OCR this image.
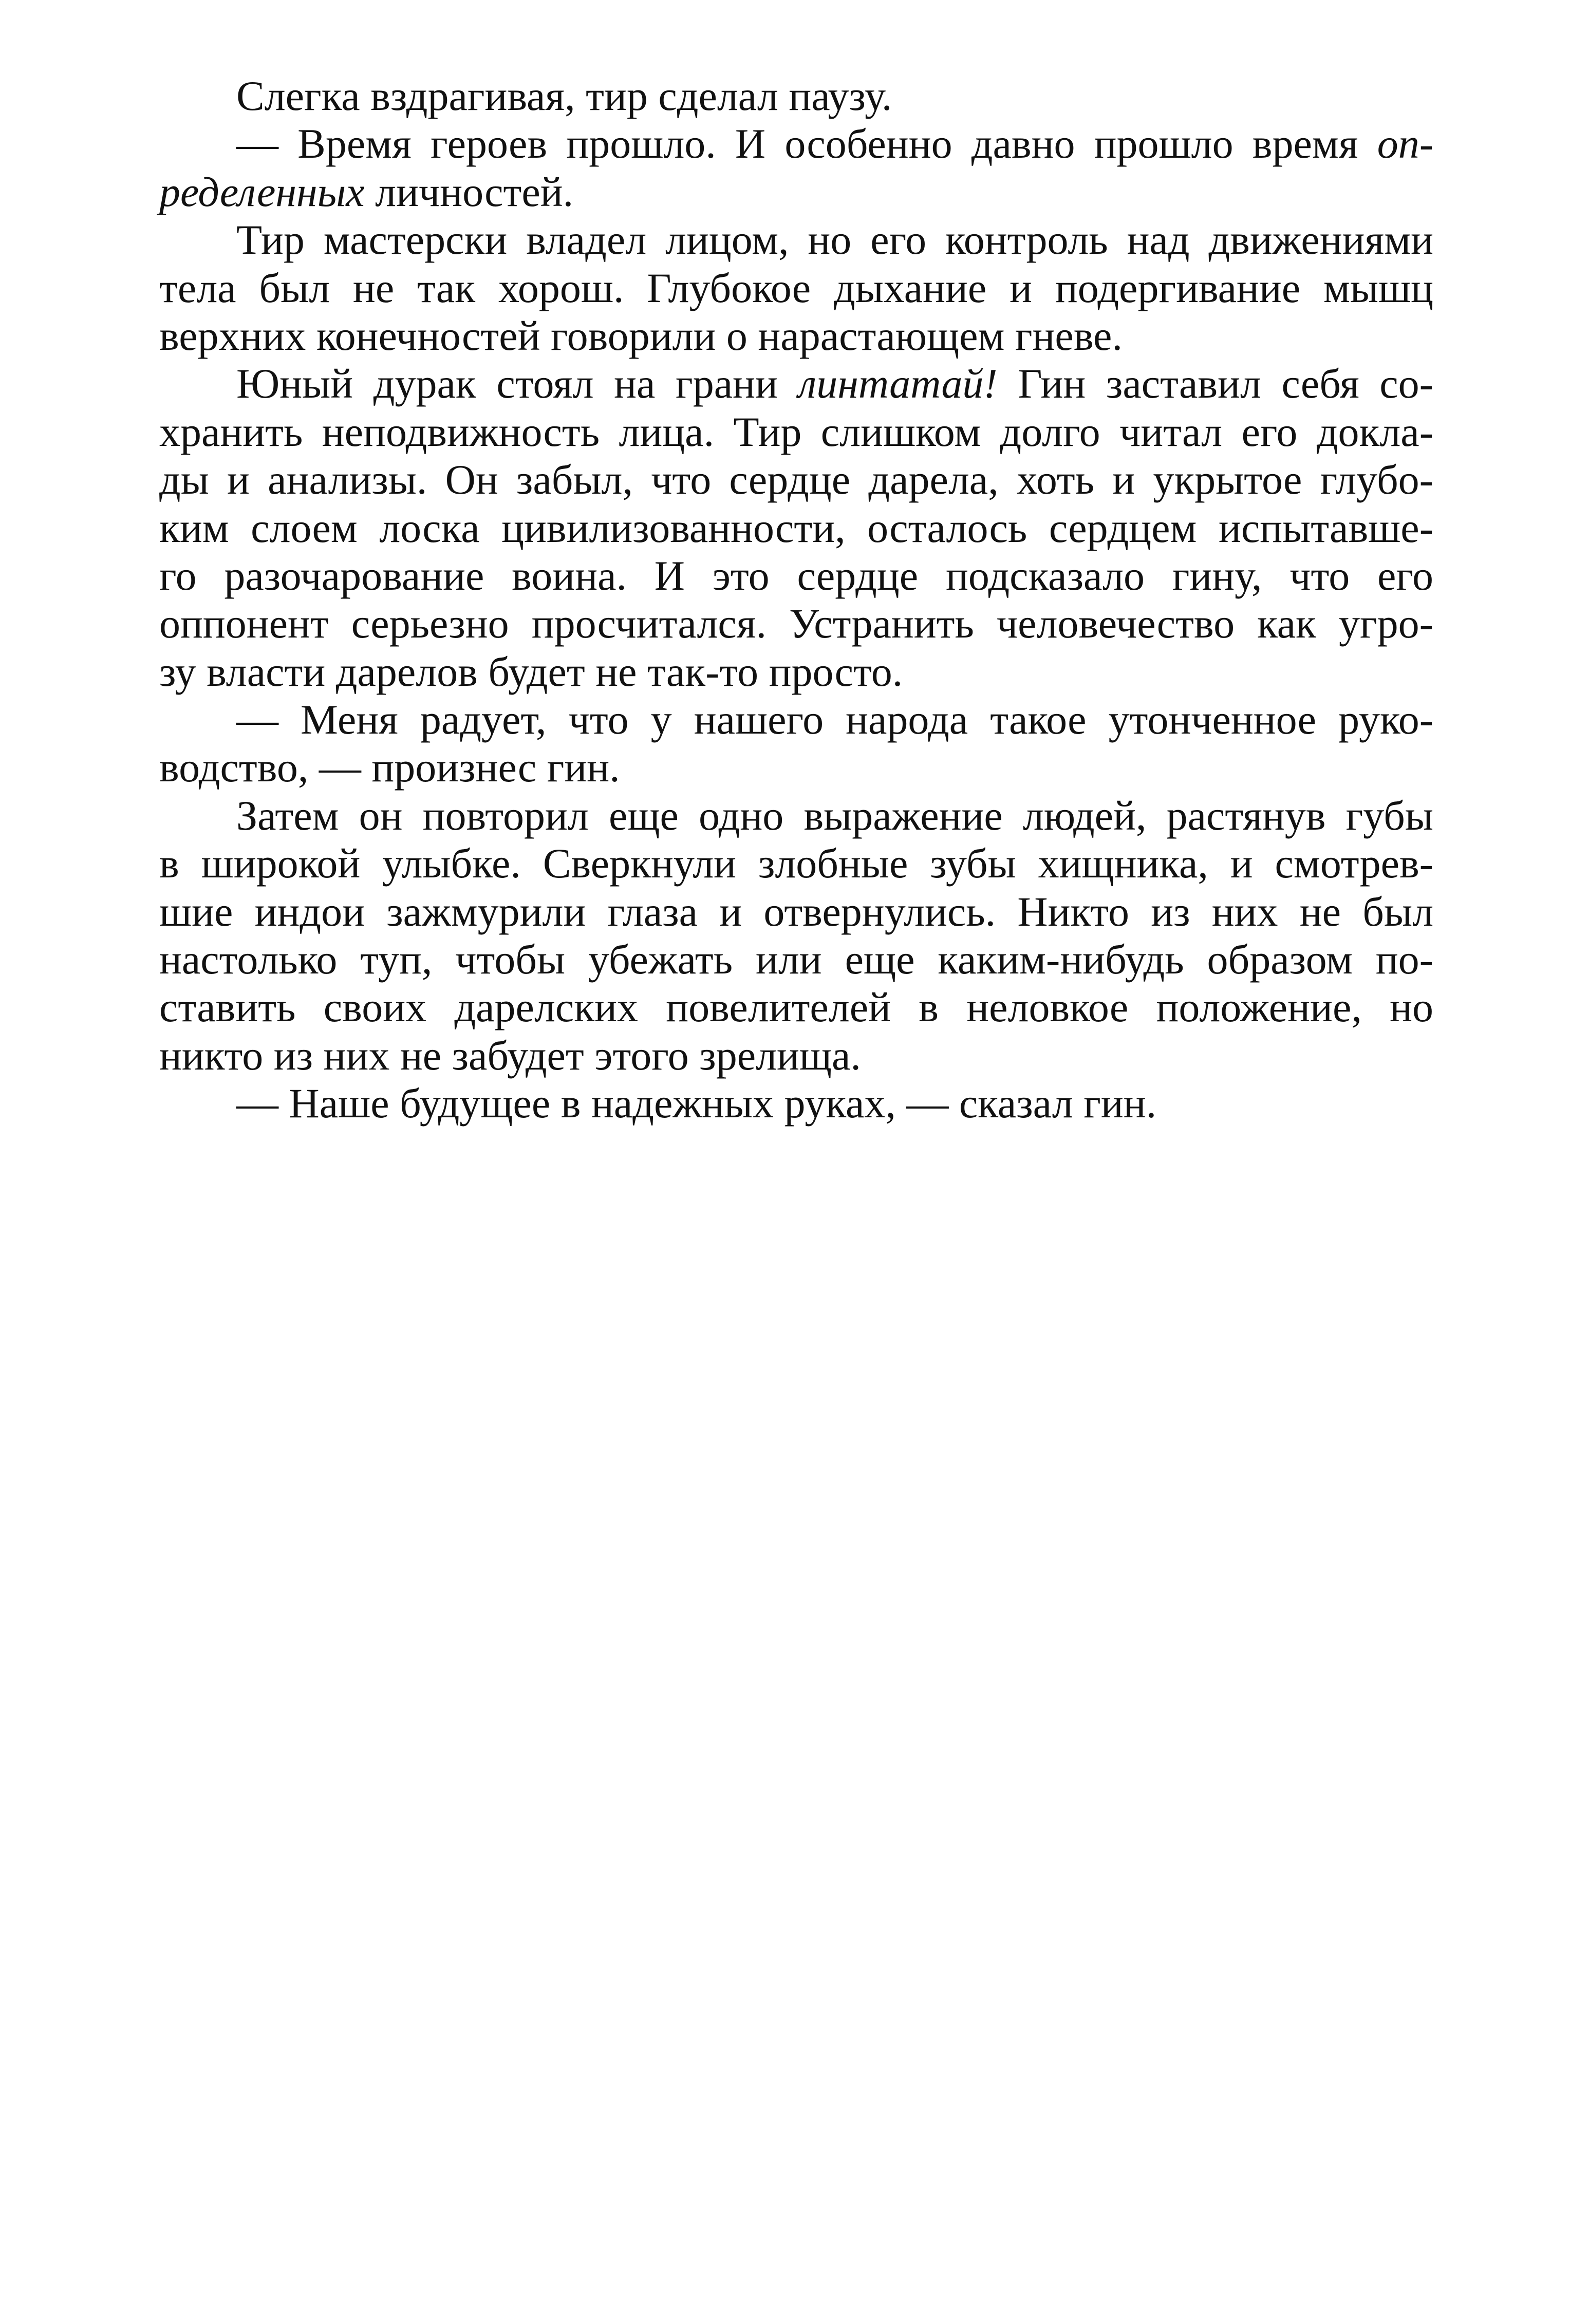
Слегка вздрагивая, тир сделал паузу.
— Время героев прошло. И особенно давно прошло время оп-
ределенных личностей.
Тир мастерски владел лицом, но его контроль над движениями
тела был не так хорош. Глубокое дыхание и подергивание мышц
верхних конечностей говорили о нарастающем гневе.
Юный дурак стоял на грани линтатай! Гин заставил себя со-
хранить неподвижность лица. Тир слишком долго читал его докла-
ды и анализы. Он забыл, что сердце дарела, хоть и укрытое глубо-
ким слоем лоска цивилизованности, осталось сердцем испытавше-
го разочарование воина. И это сердце подсказало гину, что его
оппонент серьезно просчитался. Устранить человечество как угро-
зу власти дарелов будет не так-то просто.
— Меня радует, что у нашего народа такое утонченное руко-
водство, — произнес гин.
Затем он повторил еще одно выражение людей, растянув губы
в широкой улыбке. Сверкнули злобные зубы хищника, и смотрев-
шие индои зажмурили глаза и отвернулись. Никто из них не был
настолько туп, чтобы убежать или еще каким-нибудь образом по-
ставить своих дарелских повелителей в неловкое положение, но
никто из них не забудет этого зрелища.
— Наше будущее в надежных руках, — сказал гин.
